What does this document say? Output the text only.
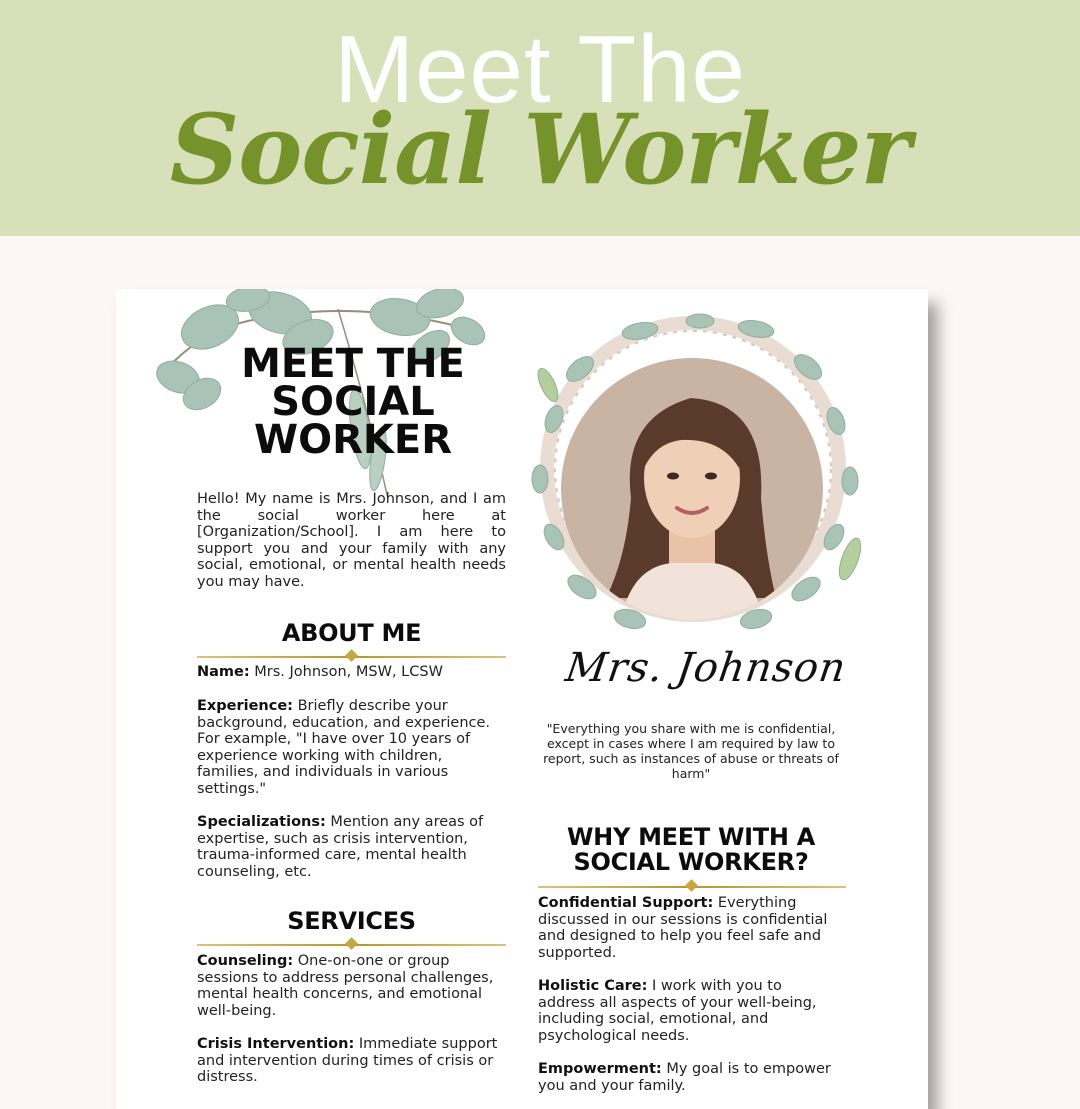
Meet The
Social Worker
MEET THE
SOCIAL
WORKER
Hello! My name is Mrs. Johnson, and I am the social worker here at [Organization/School]. I am here to support you and your family with any social, emotional, or mental health needs you may have.
ABOUT ME
Name: Mrs. Johnson, MSW, LCSW
Experience: Briefly describe your background, education, and experience. For example, "I have over 10 years of experience working with children, families, and individuals in various settings."
Specializations: Mention any areas of expertise, such as crisis intervention, trauma-informed care, mental health counseling, etc.
SERVICES
Counseling: One-on-one or group sessions to address personal challenges, mental health concerns, and emotional well-being.
Crisis Intervention: Immediate support and intervention during times of crisis or distress.
Mrs. Johnson
"Everything you share with me is confidential, except in cases where I am required by law to report, such as instances of abuse or threats of harm"
WHY MEET WITH A
SOCIAL WORKER?
Confidential Support: Everything discussed in our sessions is confidential and designed to help you feel safe and supported.
Holistic Care: I work with you to address all aspects of your well-being, including social, emotional, and psychological needs.
Empowerment: My goal is to empower you and your family.
